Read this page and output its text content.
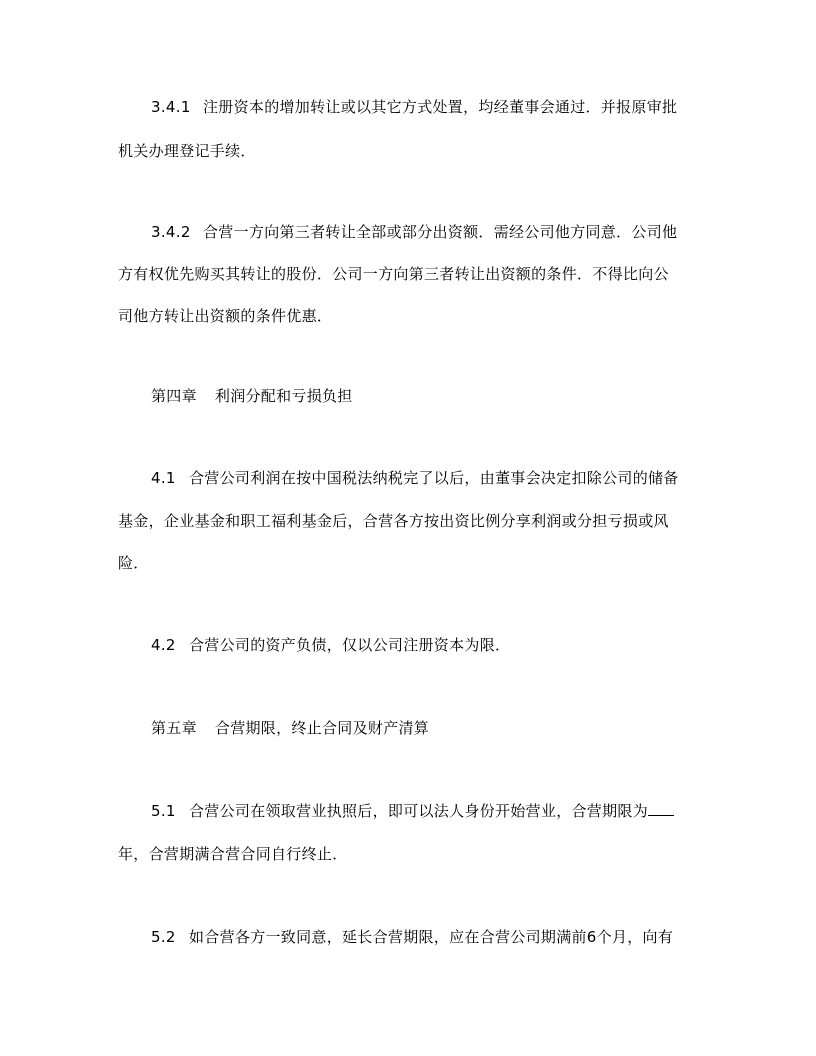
3.4.1 注册资本的增加转让或以其它方式处置，均经董事会通过．并报原审批
机关办理登记手续．
3.4.2 合营一方向第三者转让全部或部分出资额．需经公司他方同意．公司他
方有权优先购买其转让的股份．公司一方向第三者转让出资额的条件．不得比向公
司他方转让出资额的条件优惠．
第四章 利润分配和亏损负担
4.1 合营公司利润在按中国税法纳税完了以后，由董事会决定扣除公司的储备
基金，企业基金和职工福利基金后，合营各方按出资比例分享利润或分担亏损或风
险．
4.2 合营公司的资产负债，仅以公司注册资本为限．
第五章 合营期限，终止合同及财产清算
5.1 合营公司在领取营业执照后，即可以法人身份开始营业，合营期限为
年，合营期满合营合同自行终止．
5.2 如合营各方一致同意，延长合营期限，应在合营公司期满前6个月，向有
